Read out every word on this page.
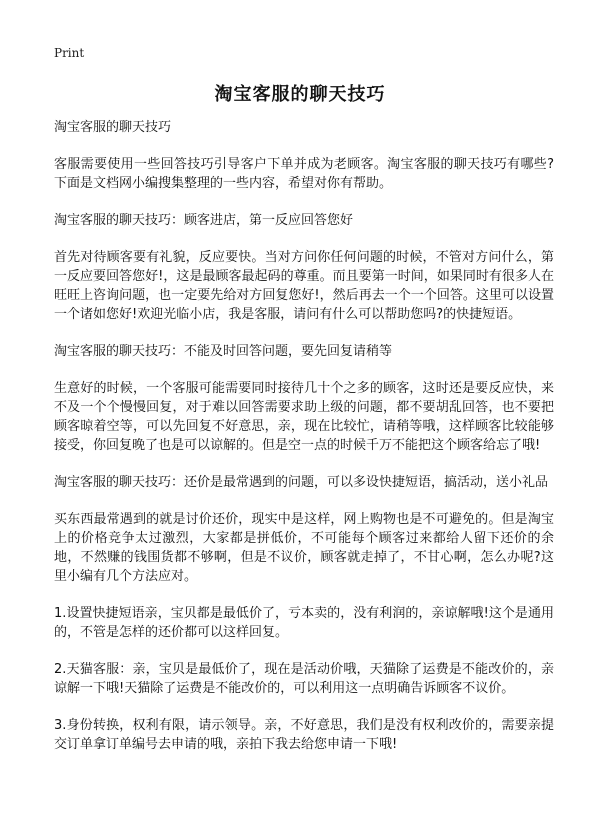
Print
淘宝客服的聊天技巧

淘宝客服的聊天技巧

客服需要使用一些回答技巧引导客户下单并成为老顾客。淘宝客服的聊天技巧有哪些?下面是文档网小编搜集整理的一些内容，希望对你有帮助。

淘宝客服的聊天技巧：顾客进店，第一反应回答您好

首先对待顾客要有礼貌，反应要快。当对方问你任何问题的时候，不管对方问什么，第一反应要回答您好!，这是最顾客最起码的尊重。而且要第一时间，如果同时有很多人在旺旺上咨询问题，也一定要先给对方回复您好!，然后再去一个一个回答。这里可以设置一个诸如您好!欢迎光临小店，我是客服，请问有什么可以帮助您吗?的快捷短语。

淘宝客服的聊天技巧：不能及时回答问题，要先回复请稍等

生意好的时候，一个客服可能需要同时接待几十个之多的顾客，这时还是要反应快，来不及一个个慢慢回复，对于难以回答需要求助上级的问题，都不要胡乱回答，也不要把顾客晾着空等，可以先回复不好意思，亲，现在比较忙，请稍等哦，这样顾客比较能够接受，你回复晚了也是可以谅解的。但是空一点的时候千万不能把这个顾客给忘了哦!

淘宝客服的聊天技巧：还价是最常遇到的问题，可以多设快捷短语，搞活动，送小礼品

买东西最常遇到的就是讨价还价，现实中是这样，网上购物也是不可避免的。但是淘宝上的价格竞争太过激烈，大家都是拼低价，不可能每个顾客过来都给人留下还价的余地，不然赚的钱围货都不够啊，但是不议价，顾客就走掉了，不甘心啊，怎么办呢?这里小编有几个方法应对。

1.设置快捷短语亲，宝贝都是最低价了，亏本卖的，没有利润的，亲谅解哦!这个是通用的，不管是怎样的还价都可以这样回复。

2.天猫客服：亲，宝贝是最低价了，现在是活动价哦，天猫除了运费是不能改价的，亲谅解一下哦!天猫除了运费是不能改价的，可以利用这一点明确告诉顾客不议价。

3.身份转换，权利有限，请示领导。亲，不好意思，我们是没有权利改价的，需要亲提交订单拿订单编号去申请的哦，亲拍下我去给您申请一下哦!
